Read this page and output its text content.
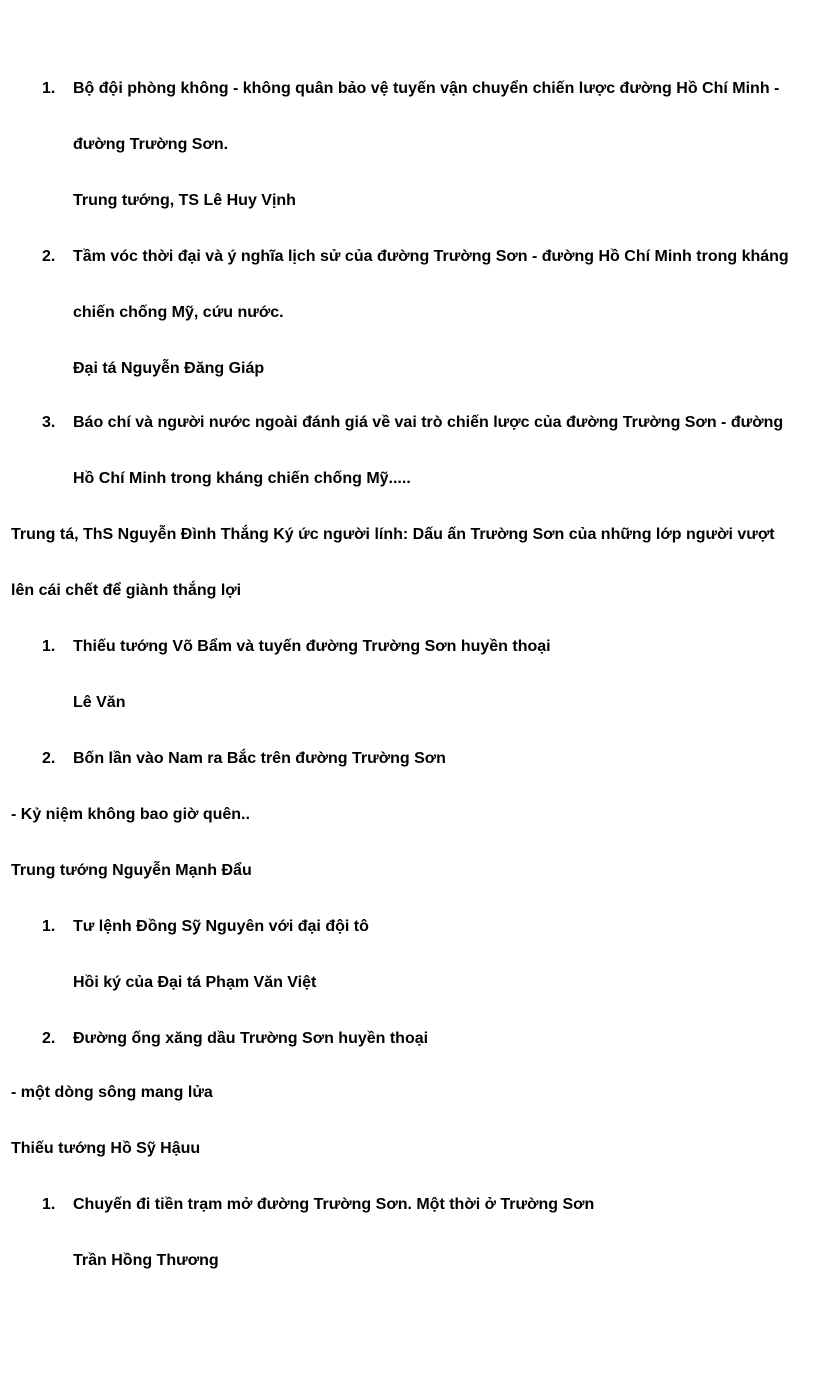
1. Bộ đội phòng không - không quân bảo vệ tuyến vận chuyển chiến lược đường Hồ Chí Minh -
đường Trường Sơn.
Trung tướng, TS Lê Huy Vịnh
2. Tầm vóc thời đại và ý nghĩa lịch sử của đường Trường Sơn - đường Hồ Chí Minh trong kháng
chiến chống Mỹ, cứu nước.
Đại tá Nguyễn Đăng Giáp
3. Báo chí và người nước ngoài đánh giá về vai trò chiến lược của đường Trường Sơn - đường
Hồ Chí Minh trong kháng chiến chống Mỹ.....
Trung tá, ThS Nguyễn Đình Thắng Ký ức người lính: Dấu ấn Trường Sơn của những lớp người vượt
lên cái chết để giành thắng lợi
1. Thiếu tướng Võ Bẩm và tuyến đường Trường Sơn huyền thoại
Lê Văn
2. Bốn lần vào Nam ra Bắc trên đường Trường Sơn
- Kỷ niệm không bao giờ quên..
Trung tướng Nguyễn Mạnh Đẩu
1. Tư lệnh Đồng Sỹ Nguyên với đại đội tô
Hồi ký của Đại tá Phạm Văn Việt
2. Đường ống xăng dầu Trường Sơn huyền thoại
- một dòng sông mang lửa
Thiếu tướng Hồ Sỹ Hậuu
1. Chuyến đi tiền trạm mở đường Trường Sơn. Một thời ở Trường Sơn
Trần Hồng Thương
